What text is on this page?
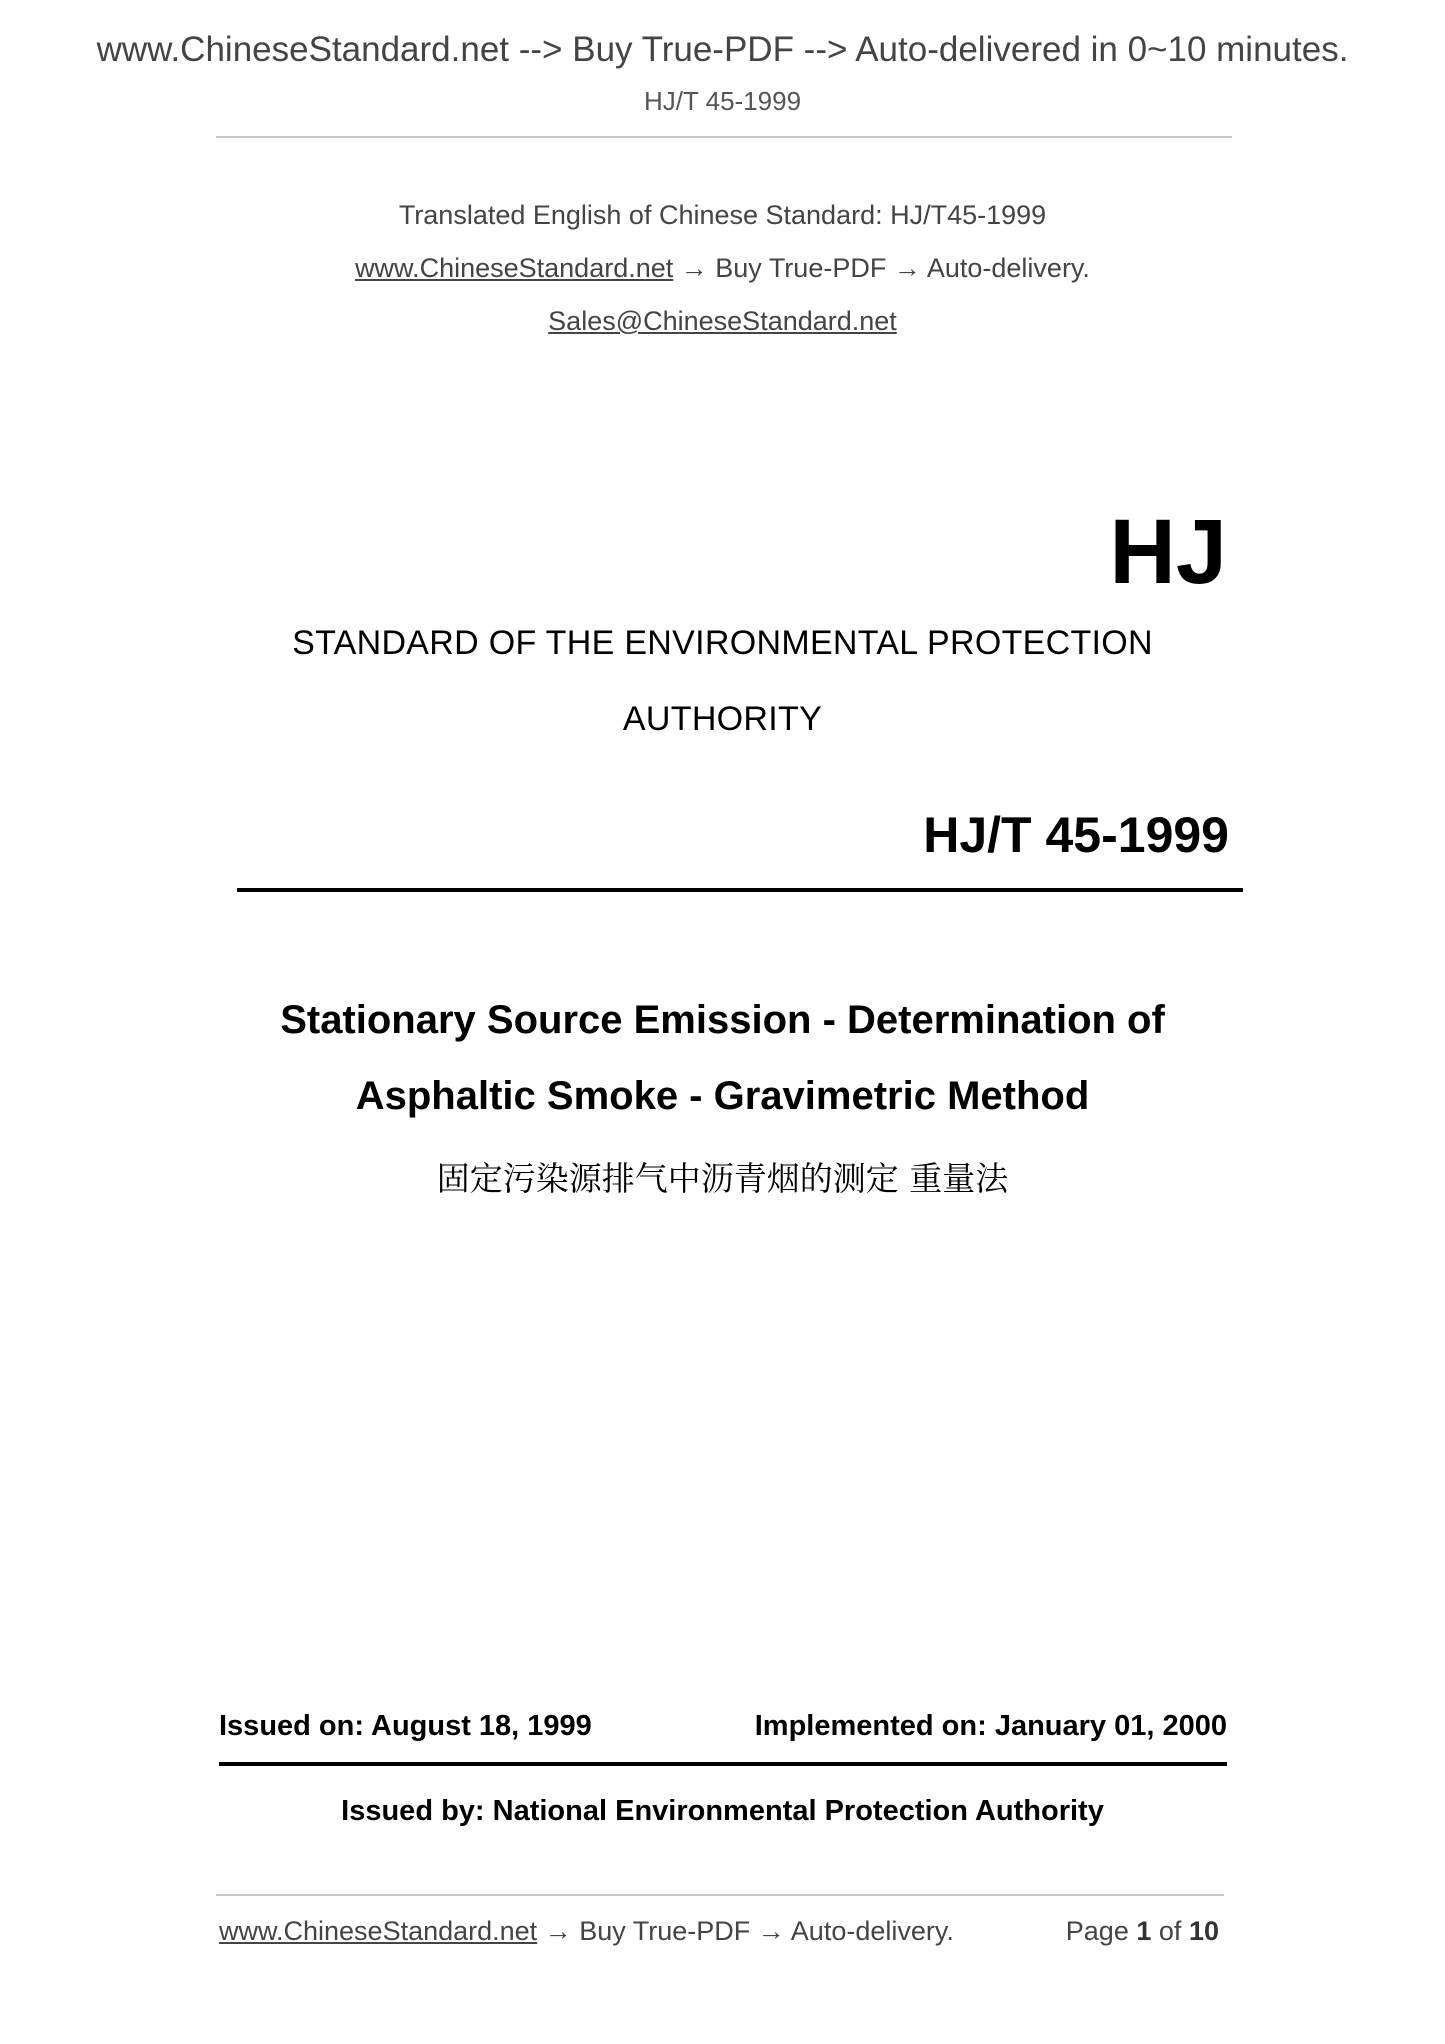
www.ChineseStandard.net --> Buy True-PDF --> Auto-delivered in 0~10 minutes.
HJ/T 45-1999
Translated English of Chinese Standard: HJ/T45-1999
www.ChineseStandard.net → Buy True-PDF → Auto-delivery.
Sales@ChineseStandard.net
HJ
STANDARD OF THE ENVIRONMENTAL PROTECTION
AUTHORITY
HJ/T 45-1999
Stationary Source Emission - Determination of
Asphaltic Smoke - Gravimetric Method
固定污染源排气中沥青烟的测定 重量法
Issued on: August 18, 1999	Implemented on: January 01, 2000
Issued by: National Environmental Protection Authority
www.ChineseStandard.net → Buy True-PDF → Auto-delivery.	Page 1 of 10
